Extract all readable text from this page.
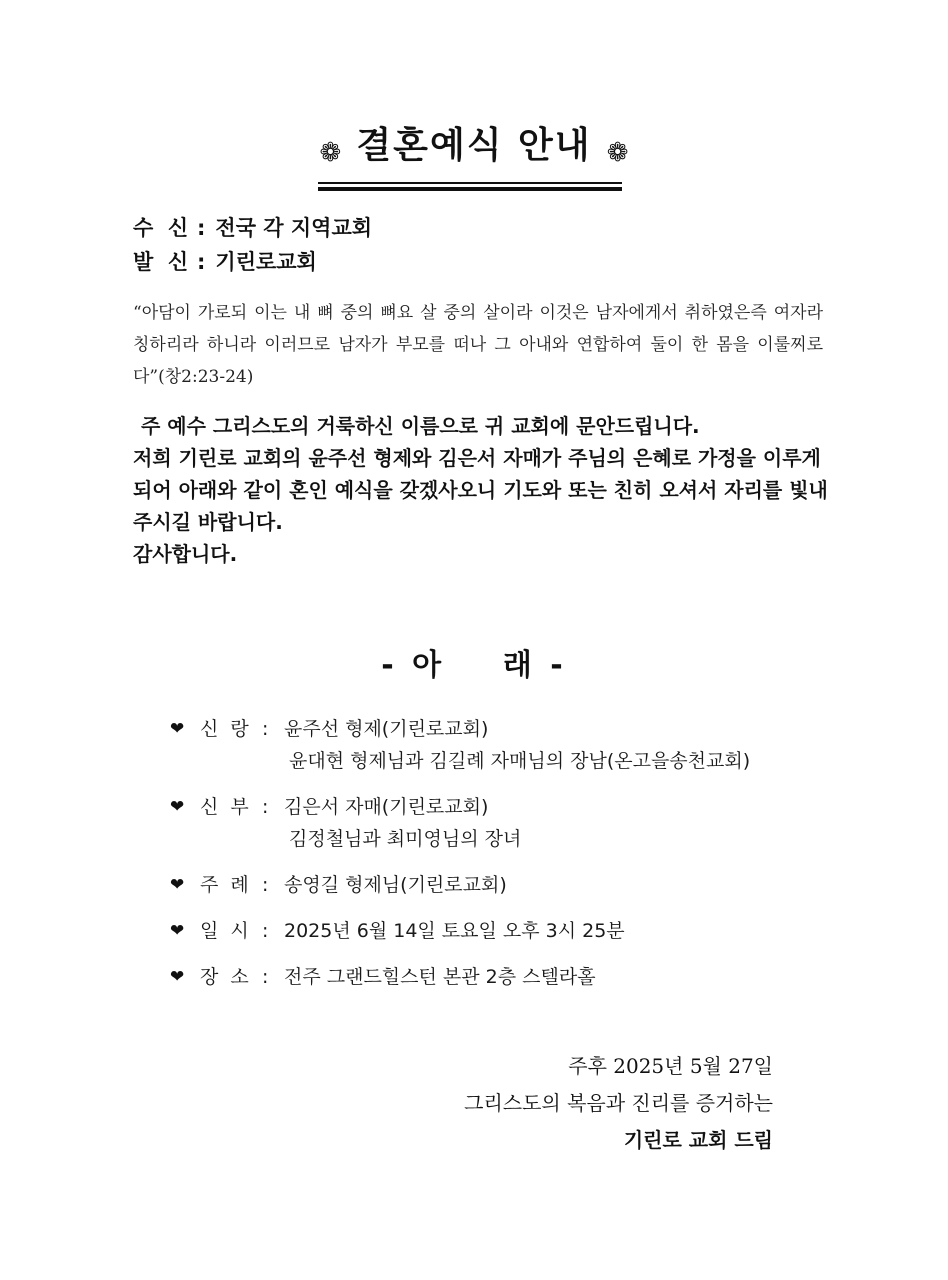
❁ 결혼예식 안내 ❁
수  신 : 전국 각 지역교회
발  신 : 기린로교회
“아담이 가로되 이는 내 뼈 중의 뼈요 살 중의 살이라 이것은 남자에게서 취하였은즉 여자라 칭하리라 하니라 이러므로 남자가 부모를 떠나 그 아내와 연합하여 둘이 한 몸을 이룰찌로다”(창2:23-24)

주 예수 그리스도의 거룩하신 이름으로 귀 교회에 문안드립니다.

저희 기린로 교회의 윤주선 형제와 김은서 자매가 주님의 은혜로 가정을 이루게 되어 아래와 같이 혼인 예식을 갖겠사오니 기도와 또는 친히 오셔서 자리를 빛내주시길 바랍니다.

감사합니다.

- 아    래 -
❤ 신  랑 : 윤주선 형제(기린로교회)
윤대현 형제님과 김길례 자매님의 장남(온고을송천교회)
❤ 신  부 : 김은서 자매(기린로교회)
김정철님과 최미영님의 장녀
❤ 주  례 : 송영길 형제님(기린로교회)
❤ 일  시 : 2025년 6월 14일 토요일 오후 3시 25분
❤ 장  소 : 전주 그랜드힐스턴 본관 2층 스텔라홀
주후 2025년 5월 27일
그리스도의 복음과 진리를 증거하는
기린로 교회 드림
